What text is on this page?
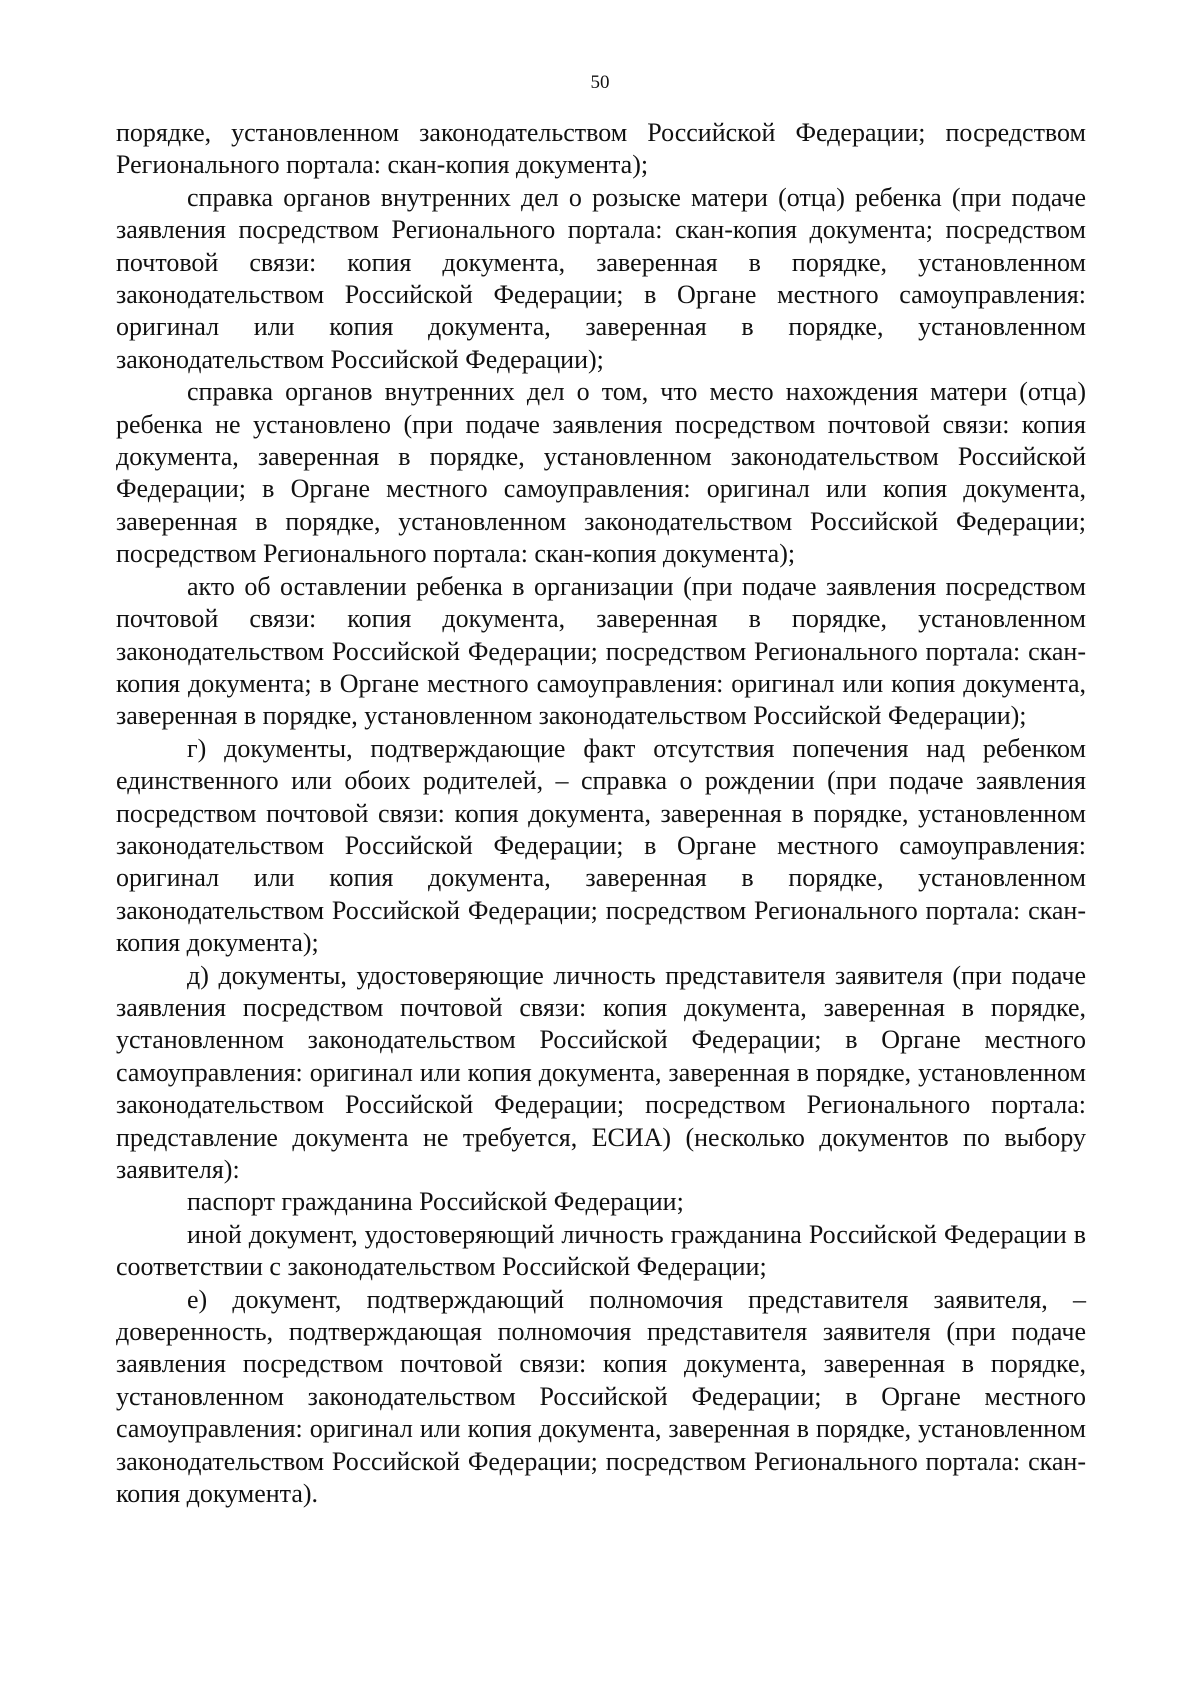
50

порядке, установленном законодательством Российской Федерации; посредством Регионального портала: скан-копия документа);

справка органов внутренних дел о розыске матери (отца) ребенка (при подаче заявления посредством Регионального портала: скан-копия документа; посредством почтовой связи: копия документа, заверенная в порядке, установленном законодательством Российской Федерации; в Органе местного самоуправления: оригинал или копия документа, заверенная в порядке, установленном законодательством Российской Федерации);

справка органов внутренних дел о том, что место нахождения матери (отца) ребенка не установлено (при подаче заявления посредством почтовой связи: копия документа, заверенная в порядке, установленном законодательством Российской Федерации; в Органе местного самоуправления: оригинал или копия документа, заверенная в порядке, установленном законодательством Российской Федерации; посредством Регионального портала: скан-копия документа);

акто об оставлении ребенка в организации (при подаче заявления посредством почтовой связи: копия документа, заверенная в порядке, установленном законодательством Российской Федерации; посредством Регионального портала: скан-копия документа; в Органе местного самоуправления: оригинал или копия документа, заверенная в порядке, установленном законодательством Российской Федерации);

г) документы, подтверждающие факт отсутствия попечения над ребенком единственного или обоих родителей, – справка о рождении (при подаче заявления посредством почтовой связи: копия документа, заверенная в порядке, установленном законодательством Российской Федерации; в Органе местного самоуправления: оригинал или копия документа, заверенная в порядке, установленном законодательством Российской Федерации; посредством Регионального портала: скан-копия документа);

д) документы, удостоверяющие личность представителя заявителя (при подаче заявления посредством почтовой связи: копия документа, заверенная в порядке, установленном законодательством Российской Федерации; в Органе местного самоуправления: оригинал или копия документа, заверенная в порядке, установленном законодательством Российской Федерации; посредством Регионального портала: представление документа не требуется, ЕСИА) (несколько документов по выбору заявителя):

паспорт гражданина Российской Федерации;

иной документ, удостоверяющий личность гражданина Российской Федерации в соответствии с законодательством Российской Федерации;

е) документ, подтверждающий полномочия представителя заявителя, – доверенность, подтверждающая полномочия представителя заявителя (при подаче заявления посредством почтовой связи: копия документа, заверенная в порядке, установленном законодательством Российской Федерации; в Органе местного самоуправления: оригинал или копия документа, заверенная в порядке, установленном законодательством Российской Федерации; посредством Регионального портала: скан-копия документа).
